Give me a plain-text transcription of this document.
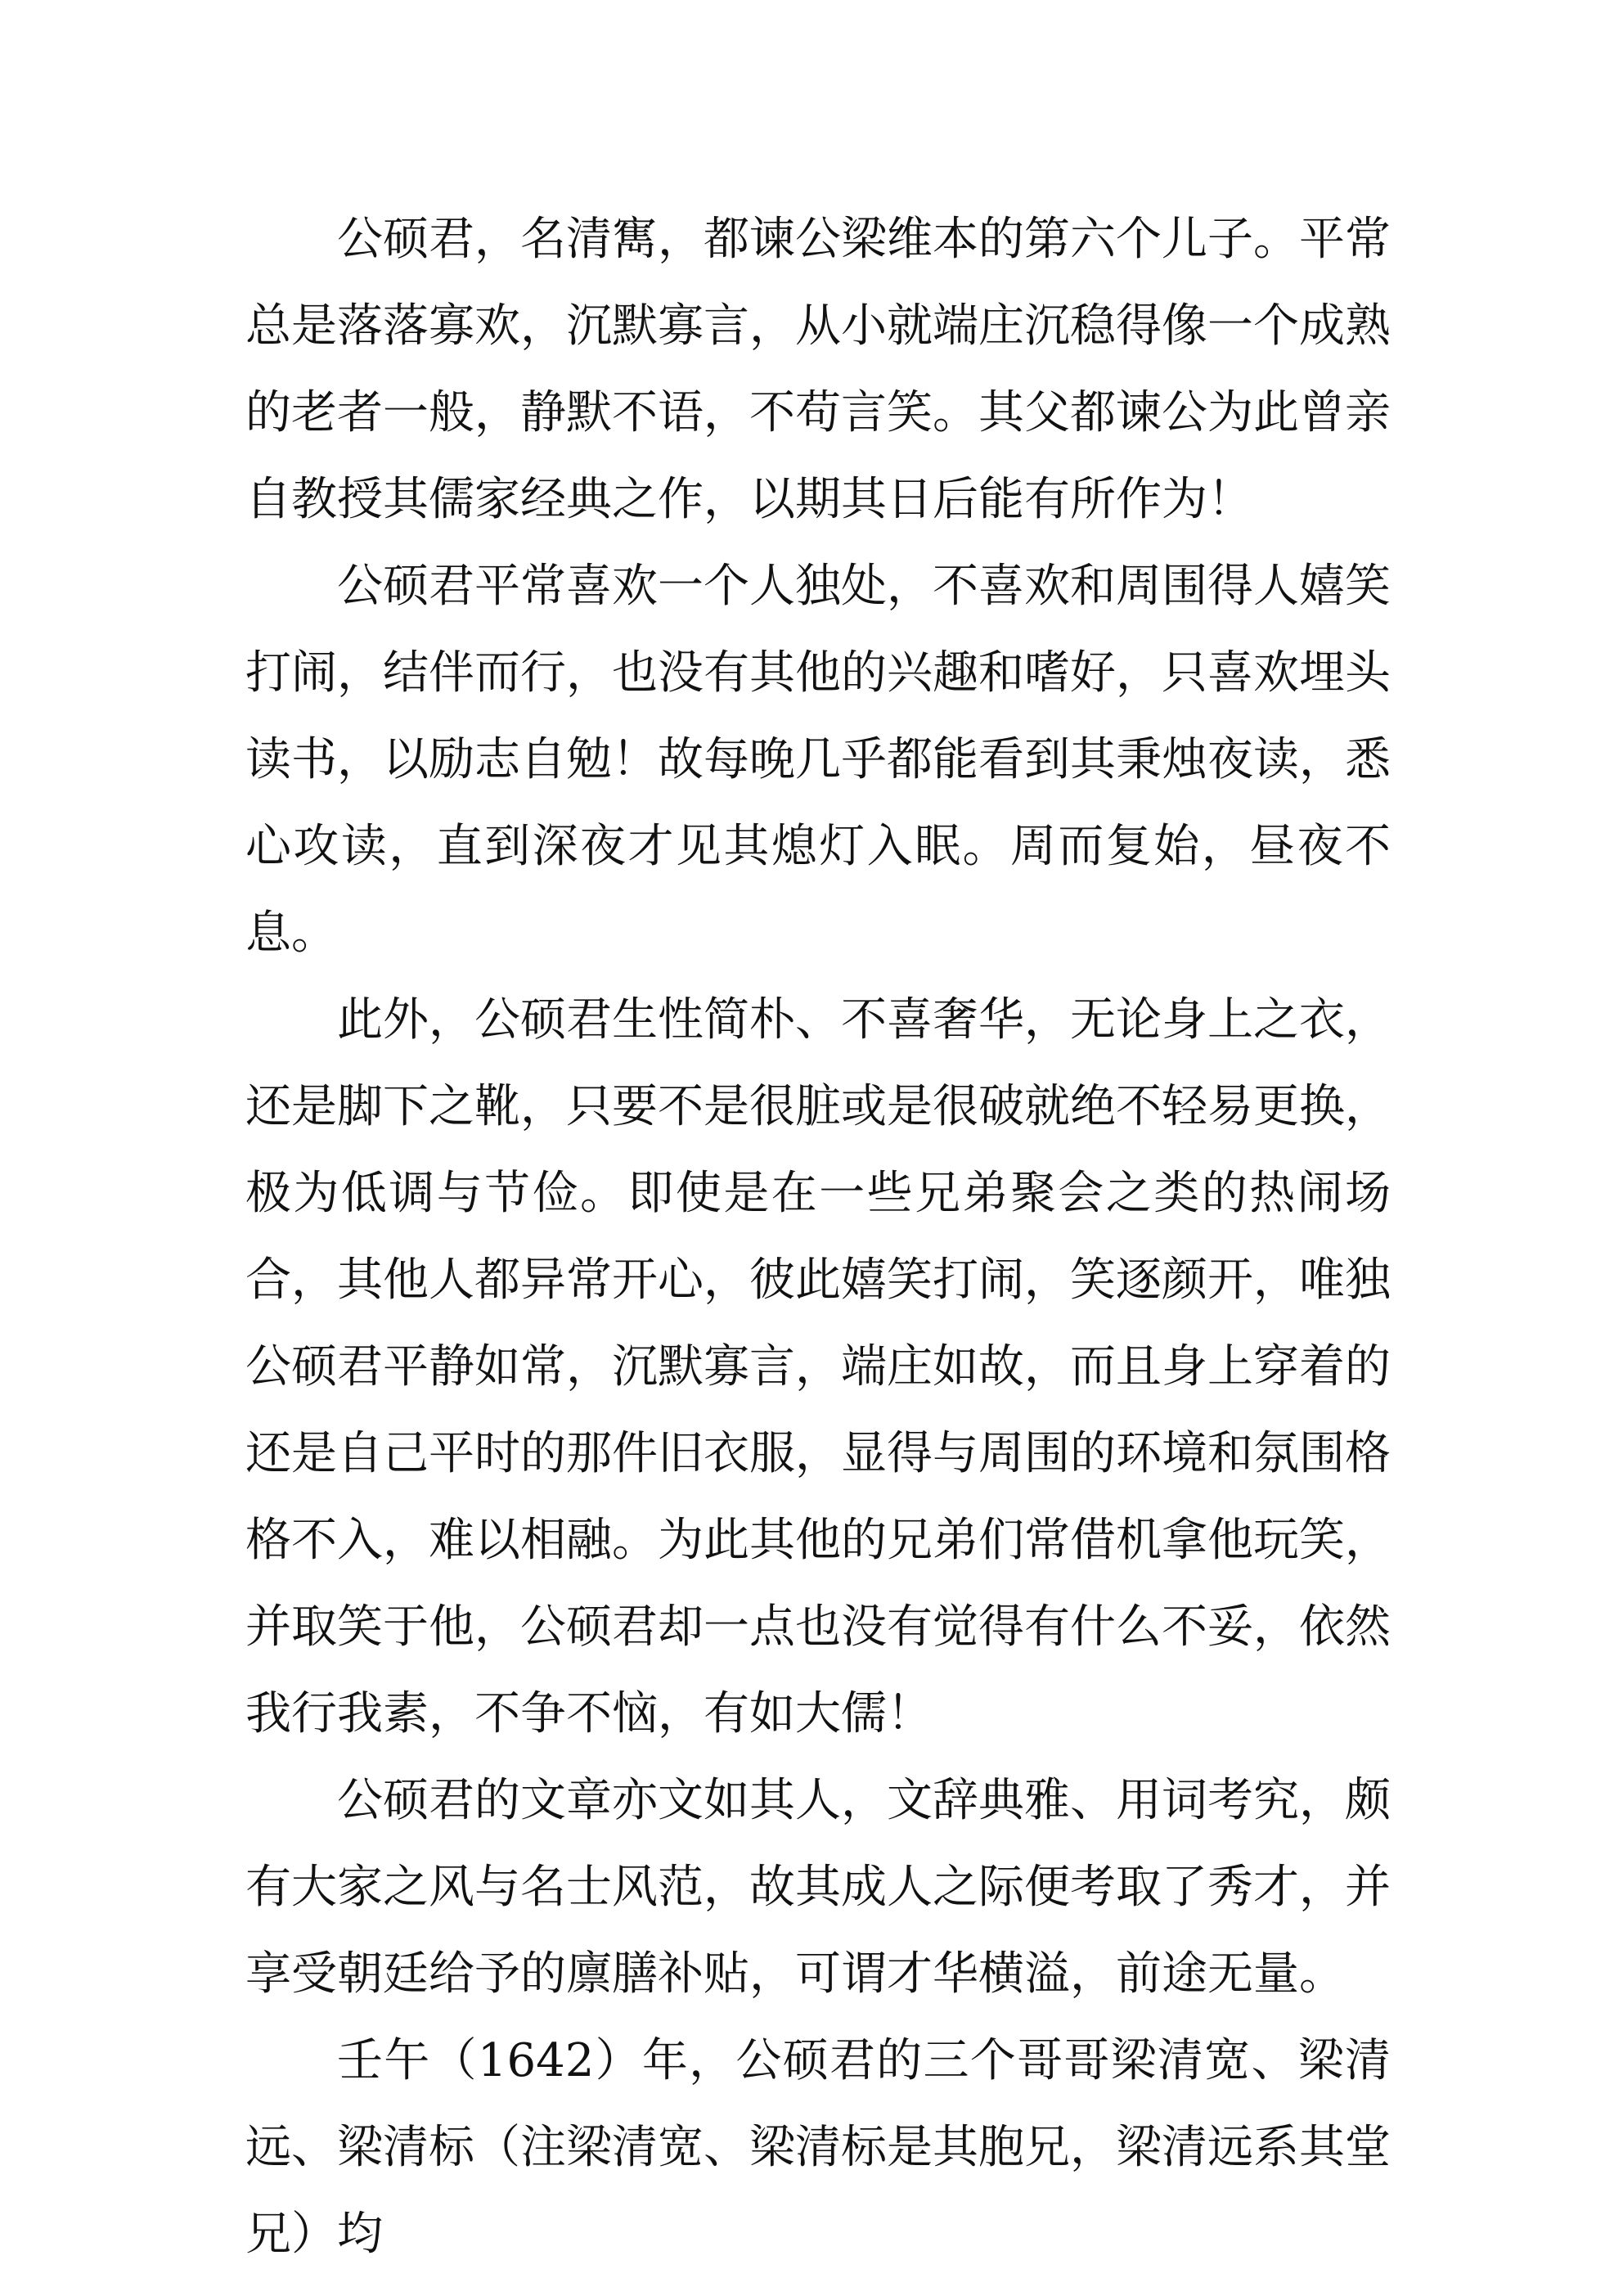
公硕君，名清寯，都谏公梁维本的第六个儿子。平常总是落落寡欢，沉默寡言，从小就端庄沉稳得像一个成熟的老者一般，静默不语，不苟言笑。其父都谏公为此曾亲自教授其儒家经典之作，以期其日后能有所作为！

公硕君平常喜欢一个人独处，不喜欢和周围得人嬉笑打闹，结伴而行，也没有其他的兴趣和嗜好，只喜欢埋头读书，以励志自勉！故每晚几乎都能看到其秉烛夜读，悉心攻读，直到深夜才见其熄灯入眠。周而复始，昼夜不息。

此外，公硕君生性简朴、不喜奢华，无论身上之衣，还是脚下之靴，只要不是很脏或是很破就绝不轻易更换，极为低调与节俭。即使是在一些兄弟聚会之类的热闹场合，其他人都异常开心，彼此嬉笑打闹，笑逐颜开，唯独公硕君平静如常，沉默寡言，端庄如故，而且身上穿着的还是自己平时的那件旧衣服，显得与周围的环境和氛围格格不入，难以相融。为此其他的兄弟们常借机拿他玩笑，并取笑于他，公硕君却一点也没有觉得有什么不妥，依然我行我素，不争不恼，有如大儒！

公硕君的文章亦文如其人，文辞典雅、用词考究，颇有大家之风与名士风范，故其成人之际便考取了秀才，并享受朝廷给予的廪膳补贴，可谓才华横溢，前途无量。

壬午（1642）年，公硕君的三个哥哥梁清宽、梁清远、梁清标（注梁清宽、梁清标是其胞兄，梁清远系其堂兄）均
